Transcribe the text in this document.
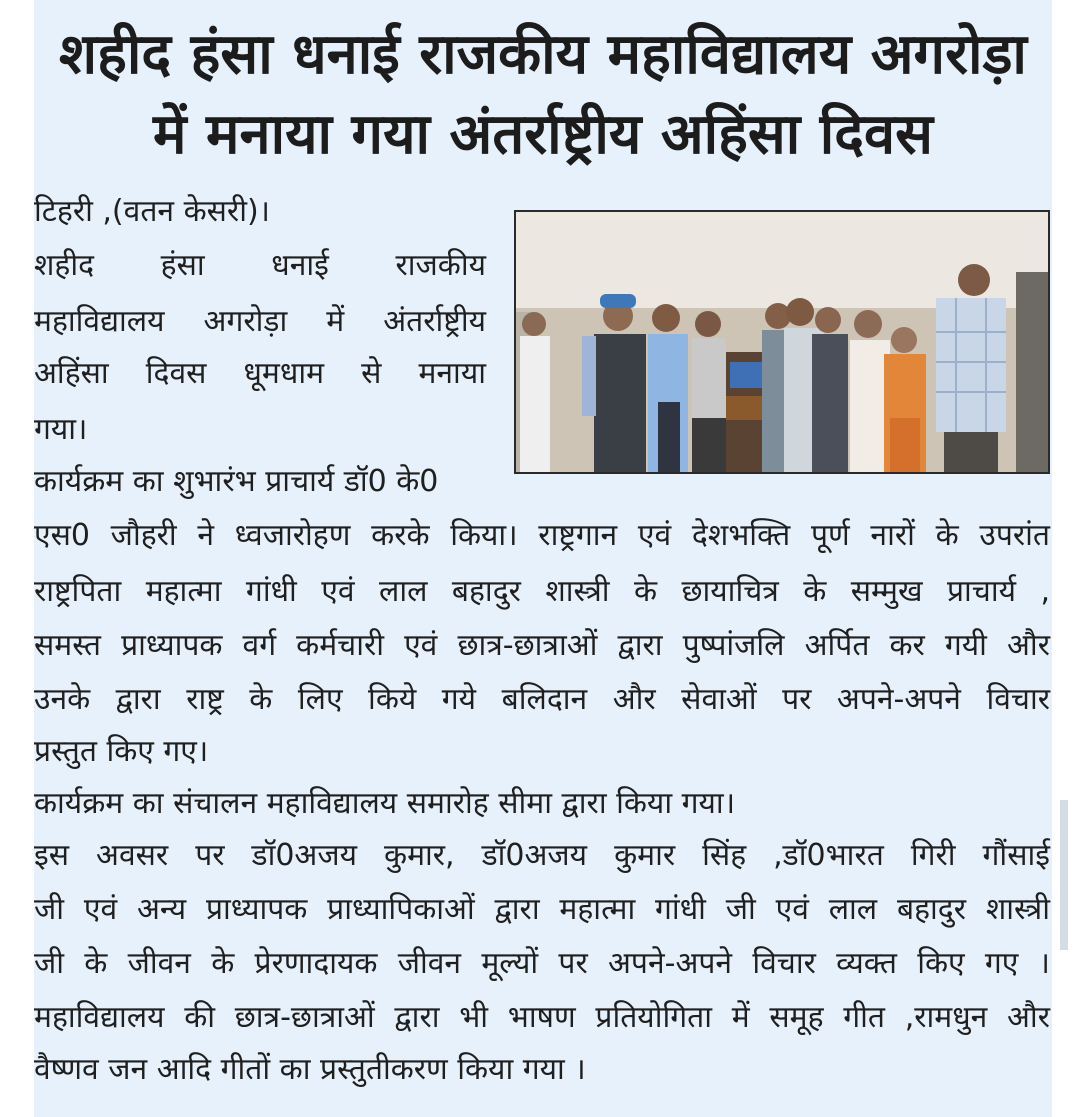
शहीद हंसा धनाई राजकीय महाविद्यालय अगरोड़ा
में मनाया गया अंतर्राष्ट्रीय अहिंसा दिवस

टिहरी ,(वतन केसरी)।

शहीद हंसा धनाई राजकीय

महाविद्यालय अगरोड़ा में अंतर्राष्ट्रीय

अहिंसा दिवस धूमधाम से मनाया

गया।

कार्यक्रम का शुभारंभ प्राचार्य डॉ0 के0

एस0 जौहरी ने ध्वजारोहण करके किया। राष्ट्रगान एवं देशभक्ति पूर्ण नारों के उपरांत

राष्ट्रपिता महात्मा गांधी एवं लाल बहादुर शास्त्री के छायाचित्र के सम्मुख प्राचार्य ,

समस्त प्राध्यापक वर्ग कर्मचारी एवं छात्र-छात्राओं द्वारा पुष्पांजलि अर्पित कर गयी और

उनके द्वारा राष्ट्र के लिए किये गये बलिदान और सेवाओं पर अपने-अपने विचार

प्रस्तुत किए गए।

कार्यक्रम का संचालन महाविद्यालय समारोह सीमा द्वारा किया गया।

इस अवसर पर डॉ0अजय कुमार, डॉ0अजय कुमार सिंह ,डॉ0भारत गिरी गौंसाई

जी एवं अन्य प्राध्यापक प्राध्यापिकाओं द्वारा महात्मा गांधी जी एवं लाल बहादुर शास्त्री

जी के जीवन के प्रेरणादायक जीवन मूल्यों पर अपने-अपने विचार व्यक्त किए गए ।

महाविद्यालय की छात्र-छात्राओं द्वारा भी भाषण प्रतियोगिता में समूह गीत ,रामधुन और

वैष्णव जन आदि गीतों का प्रस्तुतीकरण किया गया ।
